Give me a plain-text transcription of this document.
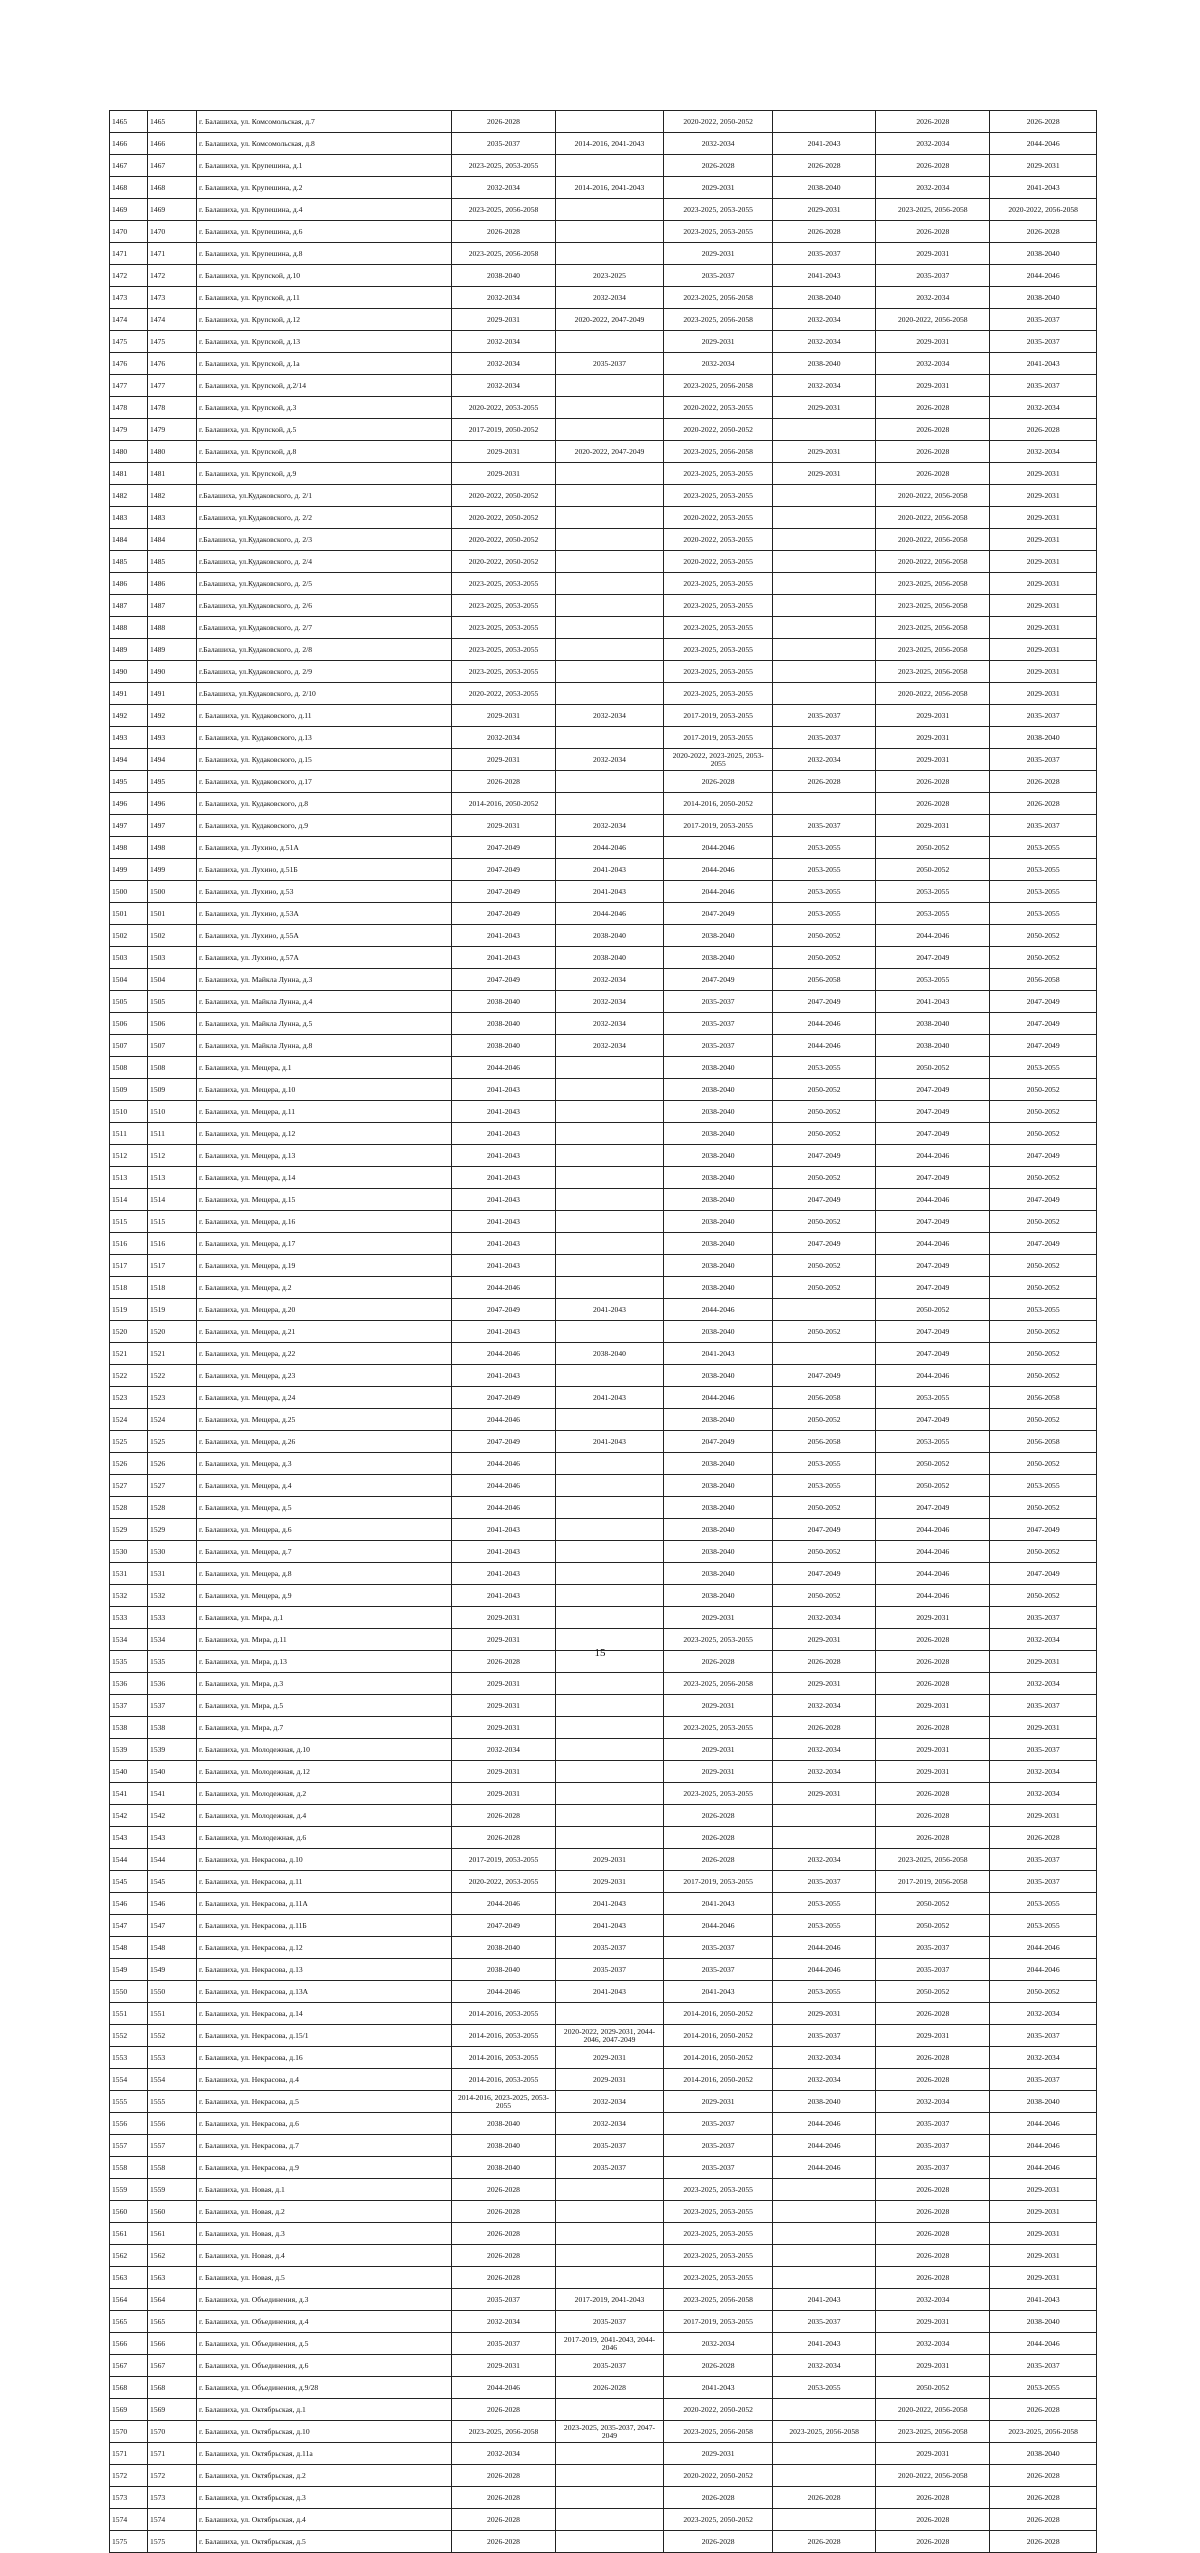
1465	1465	г. Балашиха, ул. Комсомольская, д.7	2026-2028		2020-2022, 2050-2052		2026-2028	2026-2028
1466	1466	г. Балашиха, ул. Комсомольская, д.8	2035-2037	2014-2016, 2041-2043	2032-2034	2041-2043	2032-2034	2044-2046
1467	1467	г. Балашиха, ул. Крупешина, д.1	2023-2025, 2053-2055		2026-2028	2026-2028	2026-2028	2029-2031
1468	1468	г. Балашиха, ул. Крупешина, д.2	2032-2034	2014-2016, 2041-2043	2029-2031	2038-2040	2032-2034	2041-2043
1469	1469	г. Балашиха, ул. Крупешина, д.4	2023-2025, 2056-2058		2023-2025, 2053-2055	2029-2031	2023-2025, 2056-2058	2020-2022, 2056-2058
1470	1470	г. Балашиха, ул. Крупешина, д.6	2026-2028		2023-2025, 2053-2055	2026-2028	2026-2028	2026-2028
1471	1471	г. Балашиха, ул. Крупешина, д.8	2023-2025, 2056-2058		2029-2031	2035-2037	2029-2031	2038-2040
1472	1472	г. Балашиха, ул. Крупской, д.10	2038-2040	2023-2025	2035-2037	2041-2043	2035-2037	2044-2046
1473	1473	г. Балашиха, ул. Крупской, д.11	2032-2034	2032-2034	2023-2025, 2056-2058	2038-2040	2032-2034	2038-2040
1474	1474	г. Балашиха, ул. Крупской, д.12	2029-2031	2020-2022, 2047-2049	2023-2025, 2056-2058	2032-2034	2020-2022, 2056-2058	2035-2037
1475	1475	г. Балашиха, ул. Крупской, д.13	2032-2034		2029-2031	2032-2034	2029-2031	2035-2037
1476	1476	г. Балашиха, ул. Крупской, д.1а	2032-2034	2035-2037	2032-2034	2038-2040	2032-2034	2041-2043
1477	1477	г. Балашиха, ул. Крупской, д.2/14	2032-2034		2023-2025, 2056-2058	2032-2034	2029-2031	2035-2037
1478	1478	г. Балашиха, ул. Крупской, д.3	2020-2022, 2053-2055		2020-2022, 2053-2055	2029-2031	2026-2028	2032-2034
1479	1479	г. Балашиха, ул. Крупской, д.5	2017-2019, 2050-2052		2020-2022, 2050-2052		2026-2028	2026-2028
1480	1480	г. Балашиха, ул. Крупской, д.8	2029-2031	2020-2022, 2047-2049	2023-2025, 2056-2058	2029-2031	2026-2028	2032-2034
1481	1481	г. Балашиха, ул. Крупской, д.9	2029-2031		2023-2025, 2053-2055	2029-2031	2026-2028	2029-2031
1482	1482	г.Балашиха, ул.Кудаковского, д. 2/1	2020-2022, 2050-2052		2023-2025, 2053-2055		2020-2022, 2056-2058	2029-2031
1483	1483	г.Балашиха, ул.Кудаковского, д. 2/2	2020-2022, 2050-2052		2020-2022, 2053-2055		2020-2022, 2056-2058	2029-2031
1484	1484	г.Балашиха, ул.Кудаковского, д. 2/3	2020-2022, 2050-2052		2020-2022, 2053-2055		2020-2022, 2056-2058	2029-2031
1485	1485	г.Балашиха, ул.Кудаковского, д. 2/4	2020-2022, 2050-2052		2020-2022, 2053-2055		2020-2022, 2056-2058	2029-2031
1486	1486	г.Балашиха, ул.Кудаковского, д. 2/5	2023-2025, 2053-2055		2023-2025, 2053-2055		2023-2025, 2056-2058	2029-2031
1487	1487	г.Балашиха, ул.Кудаковского, д. 2/6	2023-2025, 2053-2055		2023-2025, 2053-2055		2023-2025, 2056-2058	2029-2031
1488	1488	г.Балашиха, ул.Кудаковского, д. 2/7	2023-2025, 2053-2055		2023-2025, 2053-2055		2023-2025, 2056-2058	2029-2031
1489	1489	г.Балашиха, ул.Кудаковского, д. 2/8	2023-2025, 2053-2055		2023-2025, 2053-2055		2023-2025, 2056-2058	2029-2031
1490	1490	г.Балашиха, ул.Кудаковского, д. 2/9	2023-2025, 2053-2055		2023-2025, 2053-2055		2023-2025, 2056-2058	2029-2031
1491	1491	г.Балашиха, ул.Кудаковского, д. 2/10	2020-2022, 2053-2055		2023-2025, 2053-2055		2020-2022, 2056-2058	2029-2031
1492	1492	г. Балашиха, ул. Кудаковского, д.11	2029-2031	2032-2034	2017-2019, 2053-2055	2035-2037	2029-2031	2035-2037
1493	1493	г. Балашиха, ул. Кудаковского, д.13	2032-2034		2017-2019, 2053-2055	2035-2037	2029-2031	2038-2040
1494	1494	г. Балашиха, ул. Кудаковского, д.15	2029-2031	2032-2034	2020-2022, 2023-2025, 2053-2055	2032-2034	2029-2031	2035-2037
1495	1495	г. Балашиха, ул. Кудаковского, д.17	2026-2028		2026-2028	2026-2028	2026-2028	2026-2028
1496	1496	г. Балашиха, ул. Кудаковского, д.8	2014-2016, 2050-2052		2014-2016, 2050-2052		2026-2028	2026-2028
1497	1497	г. Балашиха, ул. Кудаковского, д.9	2029-2031	2032-2034	2017-2019, 2053-2055	2035-2037	2029-2031	2035-2037
1498	1498	г. Балашиха, ул. Лухино, д.51А	2047-2049	2044-2046	2044-2046	2053-2055	2050-2052	2053-2055
1499	1499	г. Балашиха, ул. Лухино, д.51Б	2047-2049	2041-2043	2044-2046	2053-2055	2050-2052	2053-2055
1500	1500	г. Балашиха, ул. Лухино, д.53	2047-2049	2041-2043	2044-2046	2053-2055	2053-2055	2053-2055
1501	1501	г. Балашиха, ул. Лухино, д.53А	2047-2049	2044-2046	2047-2049	2053-2055	2053-2055	2053-2055
1502	1502	г. Балашиха, ул. Лухино, д.55А	2041-2043	2038-2040	2038-2040	2050-2052	2044-2046	2050-2052
1503	1503	г. Балашиха, ул. Лухино, д.57А	2041-2043	2038-2040	2038-2040	2050-2052	2047-2049	2050-2052
1504	1504	г. Балашиха, ул. Майкла Лунна, д.3	2047-2049	2032-2034	2047-2049	2056-2058	2053-2055	2056-2058
1505	1505	г. Балашиха, ул. Майкла Лунна, д.4	2038-2040	2032-2034	2035-2037	2047-2049	2041-2043	2047-2049
1506	1506	г. Балашиха, ул. Майкла Лунна, д.5	2038-2040	2032-2034	2035-2037	2044-2046	2038-2040	2047-2049
1507	1507	г. Балашиха, ул. Майкла Лунна, д.8	2038-2040	2032-2034	2035-2037	2044-2046	2038-2040	2047-2049
1508	1508	г. Балашиха, ул. Мещера, д.1	2044-2046		2038-2040	2053-2055	2050-2052	2053-2055
1509	1509	г. Балашиха, ул. Мещера, д.10	2041-2043		2038-2040	2050-2052	2047-2049	2050-2052
1510	1510	г. Балашиха, ул. Мещера, д.11	2041-2043		2038-2040	2050-2052	2047-2049	2050-2052
1511	1511	г. Балашиха, ул. Мещера, д.12	2041-2043		2038-2040	2050-2052	2047-2049	2050-2052
1512	1512	г. Балашиха, ул. Мещера, д.13	2041-2043		2038-2040	2047-2049	2044-2046	2047-2049
1513	1513	г. Балашиха, ул. Мещера, д.14	2041-2043		2038-2040	2050-2052	2047-2049	2050-2052
1514	1514	г. Балашиха, ул. Мещера, д.15	2041-2043		2038-2040	2047-2049	2044-2046	2047-2049
1515	1515	г. Балашиха, ул. Мещера, д.16	2041-2043		2038-2040	2050-2052	2047-2049	2050-2052
1516	1516	г. Балашиха, ул. Мещера, д.17	2041-2043		2038-2040	2047-2049	2044-2046	2047-2049
1517	1517	г. Балашиха, ул. Мещера, д.19	2041-2043		2038-2040	2050-2052	2047-2049	2050-2052
1518	1518	г. Балашиха, ул. Мещера, д.2	2044-2046		2038-2040	2050-2052	2047-2049	2050-2052
1519	1519	г. Балашиха, ул. Мещера, д.20	2047-2049	2041-2043	2044-2046		2050-2052	2053-2055
1520	1520	г. Балашиха, ул. Мещера, д.21	2041-2043		2038-2040	2050-2052	2047-2049	2050-2052
1521	1521	г. Балашиха, ул. Мещера, д.22	2044-2046	2038-2040	2041-2043		2047-2049	2050-2052
1522	1522	г. Балашиха, ул. Мещера, д.23	2041-2043		2038-2040	2047-2049	2044-2046	2050-2052
1523	1523	г. Балашиха, ул. Мещера, д.24	2047-2049	2041-2043	2044-2046	2056-2058	2053-2055	2056-2058
1524	1524	г. Балашиха, ул. Мещера, д.25	2044-2046		2038-2040	2050-2052	2047-2049	2050-2052
1525	1525	г. Балашиха, ул. Мещера, д.26	2047-2049	2041-2043	2047-2049	2056-2058	2053-2055	2056-2058
1526	1526	г. Балашиха, ул. Мещера, д.3	2044-2046		2038-2040	2053-2055	2050-2052	2050-2052
1527	1527	г. Балашиха, ул. Мещера, д.4	2044-2046		2038-2040	2053-2055	2050-2052	2053-2055
1528	1528	г. Балашиха, ул. Мещера, д.5	2044-2046		2038-2040	2050-2052	2047-2049	2050-2052
1529	1529	г. Балашиха, ул. Мещера, д.6	2041-2043		2038-2040	2047-2049	2044-2046	2047-2049
1530	1530	г. Балашиха, ул. Мещера, д.7	2041-2043		2038-2040	2050-2052	2044-2046	2050-2052
1531	1531	г. Балашиха, ул. Мещера, д.8	2041-2043		2038-2040	2047-2049	2044-2046	2047-2049
1532	1532	г. Балашиха, ул. Мещера, д.9	2041-2043		2038-2040	2050-2052	2044-2046	2050-2052
1533	1533	г. Балашиха, ул. Мира, д.1	2029-2031		2029-2031	2032-2034	2029-2031	2035-2037
1534	1534	г. Балашиха, ул. Мира, д.11	2029-2031		2023-2025, 2053-2055	2029-2031	2026-2028	2032-2034
1535	1535	г. Балашиха, ул. Мира, д.13	2026-2028		2026-2028	2026-2028	2026-2028	2029-2031
1536	1536	г. Балашиха, ул. Мира, д.3	2029-2031		2023-2025, 2056-2058	2029-2031	2026-2028	2032-2034
1537	1537	г. Балашиха, ул. Мира, д.5	2029-2031		2029-2031	2032-2034	2029-2031	2035-2037
1538	1538	г. Балашиха, ул. Мира, д.7	2029-2031		2023-2025, 2053-2055	2026-2028	2026-2028	2029-2031
1539	1539	г. Балашиха, ул. Молодежная, д.10	2032-2034		2029-2031	2032-2034	2029-2031	2035-2037
1540	1540	г. Балашиха, ул. Молодежная, д.12	2029-2031		2029-2031	2032-2034	2029-2031	2032-2034
1541	1541	г. Балашиха, ул. Молодежная, д.2	2029-2031		2023-2025, 2053-2055	2029-2031	2026-2028	2032-2034
1542	1542	г. Балашиха, ул. Молодежная, д.4	2026-2028		2026-2028		2026-2028	2029-2031
1543	1543	г. Балашиха, ул. Молодежная, д.6	2026-2028		2026-2028		2026-2028	2026-2028
1544	1544	г. Балашиха, ул. Некрасова, д.10	2017-2019, 2053-2055	2029-2031	2026-2028	2032-2034	2023-2025, 2056-2058	2035-2037
1545	1545	г. Балашиха, ул. Некрасова, д.11	2020-2022, 2053-2055	2029-2031	2017-2019, 2053-2055	2035-2037	2017-2019, 2056-2058	2035-2037
1546	1546	г. Балашиха, ул. Некрасова, д.11А	2044-2046	2041-2043	2041-2043	2053-2055	2050-2052	2053-2055
1547	1547	г. Балашиха, ул. Некрасова, д.11Б	2047-2049	2041-2043	2044-2046	2053-2055	2050-2052	2053-2055
1548	1548	г. Балашиха, ул. Некрасова, д.12	2038-2040	2035-2037	2035-2037	2044-2046	2035-2037	2044-2046
1549	1549	г. Балашиха, ул. Некрасова, д.13	2038-2040	2035-2037	2035-2037	2044-2046	2035-2037	2044-2046
1550	1550	г. Балашиха, ул. Некрасова, д.13А	2044-2046	2041-2043	2041-2043	2053-2055	2050-2052	2050-2052
1551	1551	г. Балашиха, ул. Некрасова, д.14	2014-2016, 2053-2055		2014-2016, 2050-2052	2029-2031	2026-2028	2032-2034
1552	1552	г. Балашиха, ул. Некрасова, д.15/1	2014-2016, 2053-2055	2020-2022, 2029-2031, 2044-2046, 2047-2049	2014-2016, 2050-2052	2035-2037	2029-2031	2035-2037
1553	1553	г. Балашиха, ул. Некрасова, д.16	2014-2016, 2053-2055	2029-2031	2014-2016, 2050-2052	2032-2034	2026-2028	2032-2034
1554	1554	г. Балашиха, ул. Некрасова, д.4	2014-2016, 2053-2055	2029-2031	2014-2016, 2050-2052	2032-2034	2026-2028	2035-2037
1555	1555	г. Балашиха, ул. Некрасова, д.5	2014-2016, 2023-2025, 2053-2055	2032-2034	2029-2031	2038-2040	2032-2034	2038-2040
1556	1556	г. Балашиха, ул. Некрасова, д.6	2038-2040	2032-2034	2035-2037	2044-2046	2035-2037	2044-2046
1557	1557	г. Балашиха, ул. Некрасова, д.7	2038-2040	2035-2037	2035-2037	2044-2046	2035-2037	2044-2046
1558	1558	г. Балашиха, ул. Некрасова, д.9	2038-2040	2035-2037	2035-2037	2044-2046	2035-2037	2044-2046
1559	1559	г. Балашиха, ул. Новая, д.1	2026-2028		2023-2025, 2053-2055		2026-2028	2029-2031
1560	1560	г. Балашиха, ул. Новая, д.2	2026-2028		2023-2025, 2053-2055		2026-2028	2029-2031
1561	1561	г. Балашиха, ул. Новая, д.3	2026-2028		2023-2025, 2053-2055		2026-2028	2029-2031
1562	1562	г. Балашиха, ул. Новая, д.4	2026-2028		2023-2025, 2053-2055		2026-2028	2029-2031
1563	1563	г. Балашиха, ул. Новая, д.5	2026-2028		2023-2025, 2053-2055		2026-2028	2029-2031
1564	1564	г. Балашиха, ул. Объединения, д.3	2035-2037	2017-2019, 2041-2043	2023-2025, 2056-2058	2041-2043	2032-2034	2041-2043
1565	1565	г. Балашиха, ул. Объединения, д.4	2032-2034	2035-2037	2017-2019, 2053-2055	2035-2037	2029-2031	2038-2040
1566	1566	г. Балашиха, ул. Объединения, д.5	2035-2037	2017-2019, 2041-2043, 2044-2046	2032-2034	2041-2043	2032-2034	2044-2046
1567	1567	г. Балашиха, ул. Объединения, д.6	2029-2031	2035-2037	2026-2028	2032-2034	2029-2031	2035-2037
1568	1568	г. Балашиха, ул. Объединения, д.9/28	2044-2046	2026-2028	2041-2043	2053-2055	2050-2052	2053-2055
1569	1569	г. Балашиха, ул. Октябрьская, д.1	2026-2028		2020-2022, 2050-2052		2020-2022, 2056-2058	2026-2028
1570	1570	г. Балашиха, ул. Октябрьская, д.10	2023-2025, 2056-2058	2023-2025, 2035-2037, 2047-2049	2023-2025, 2056-2058	2023-2025, 2056-2058	2023-2025, 2056-2058	2023-2025, 2056-2058
1571	1571	г. Балашиха, ул. Октябрьская, д.11а	2032-2034		2029-2031		2029-2031	2038-2040
1572	1572	г. Балашиха, ул. Октябрьская, д.2	2026-2028		2020-2022, 2050-2052		2020-2022, 2056-2058	2026-2028
1573	1573	г. Балашиха, ул. Октябрьская, д.3	2026-2028		2026-2028	2026-2028	2026-2028	2026-2028
1574	1574	г. Балашиха, ул. Октябрьская, д.4	2026-2028		2023-2025, 2050-2052		2026-2028	2026-2028
1575	1575	г. Балашиха, ул. Октябрьская, д.5	2026-2028		2026-2028	2026-2028	2026-2028	2026-2028
15
